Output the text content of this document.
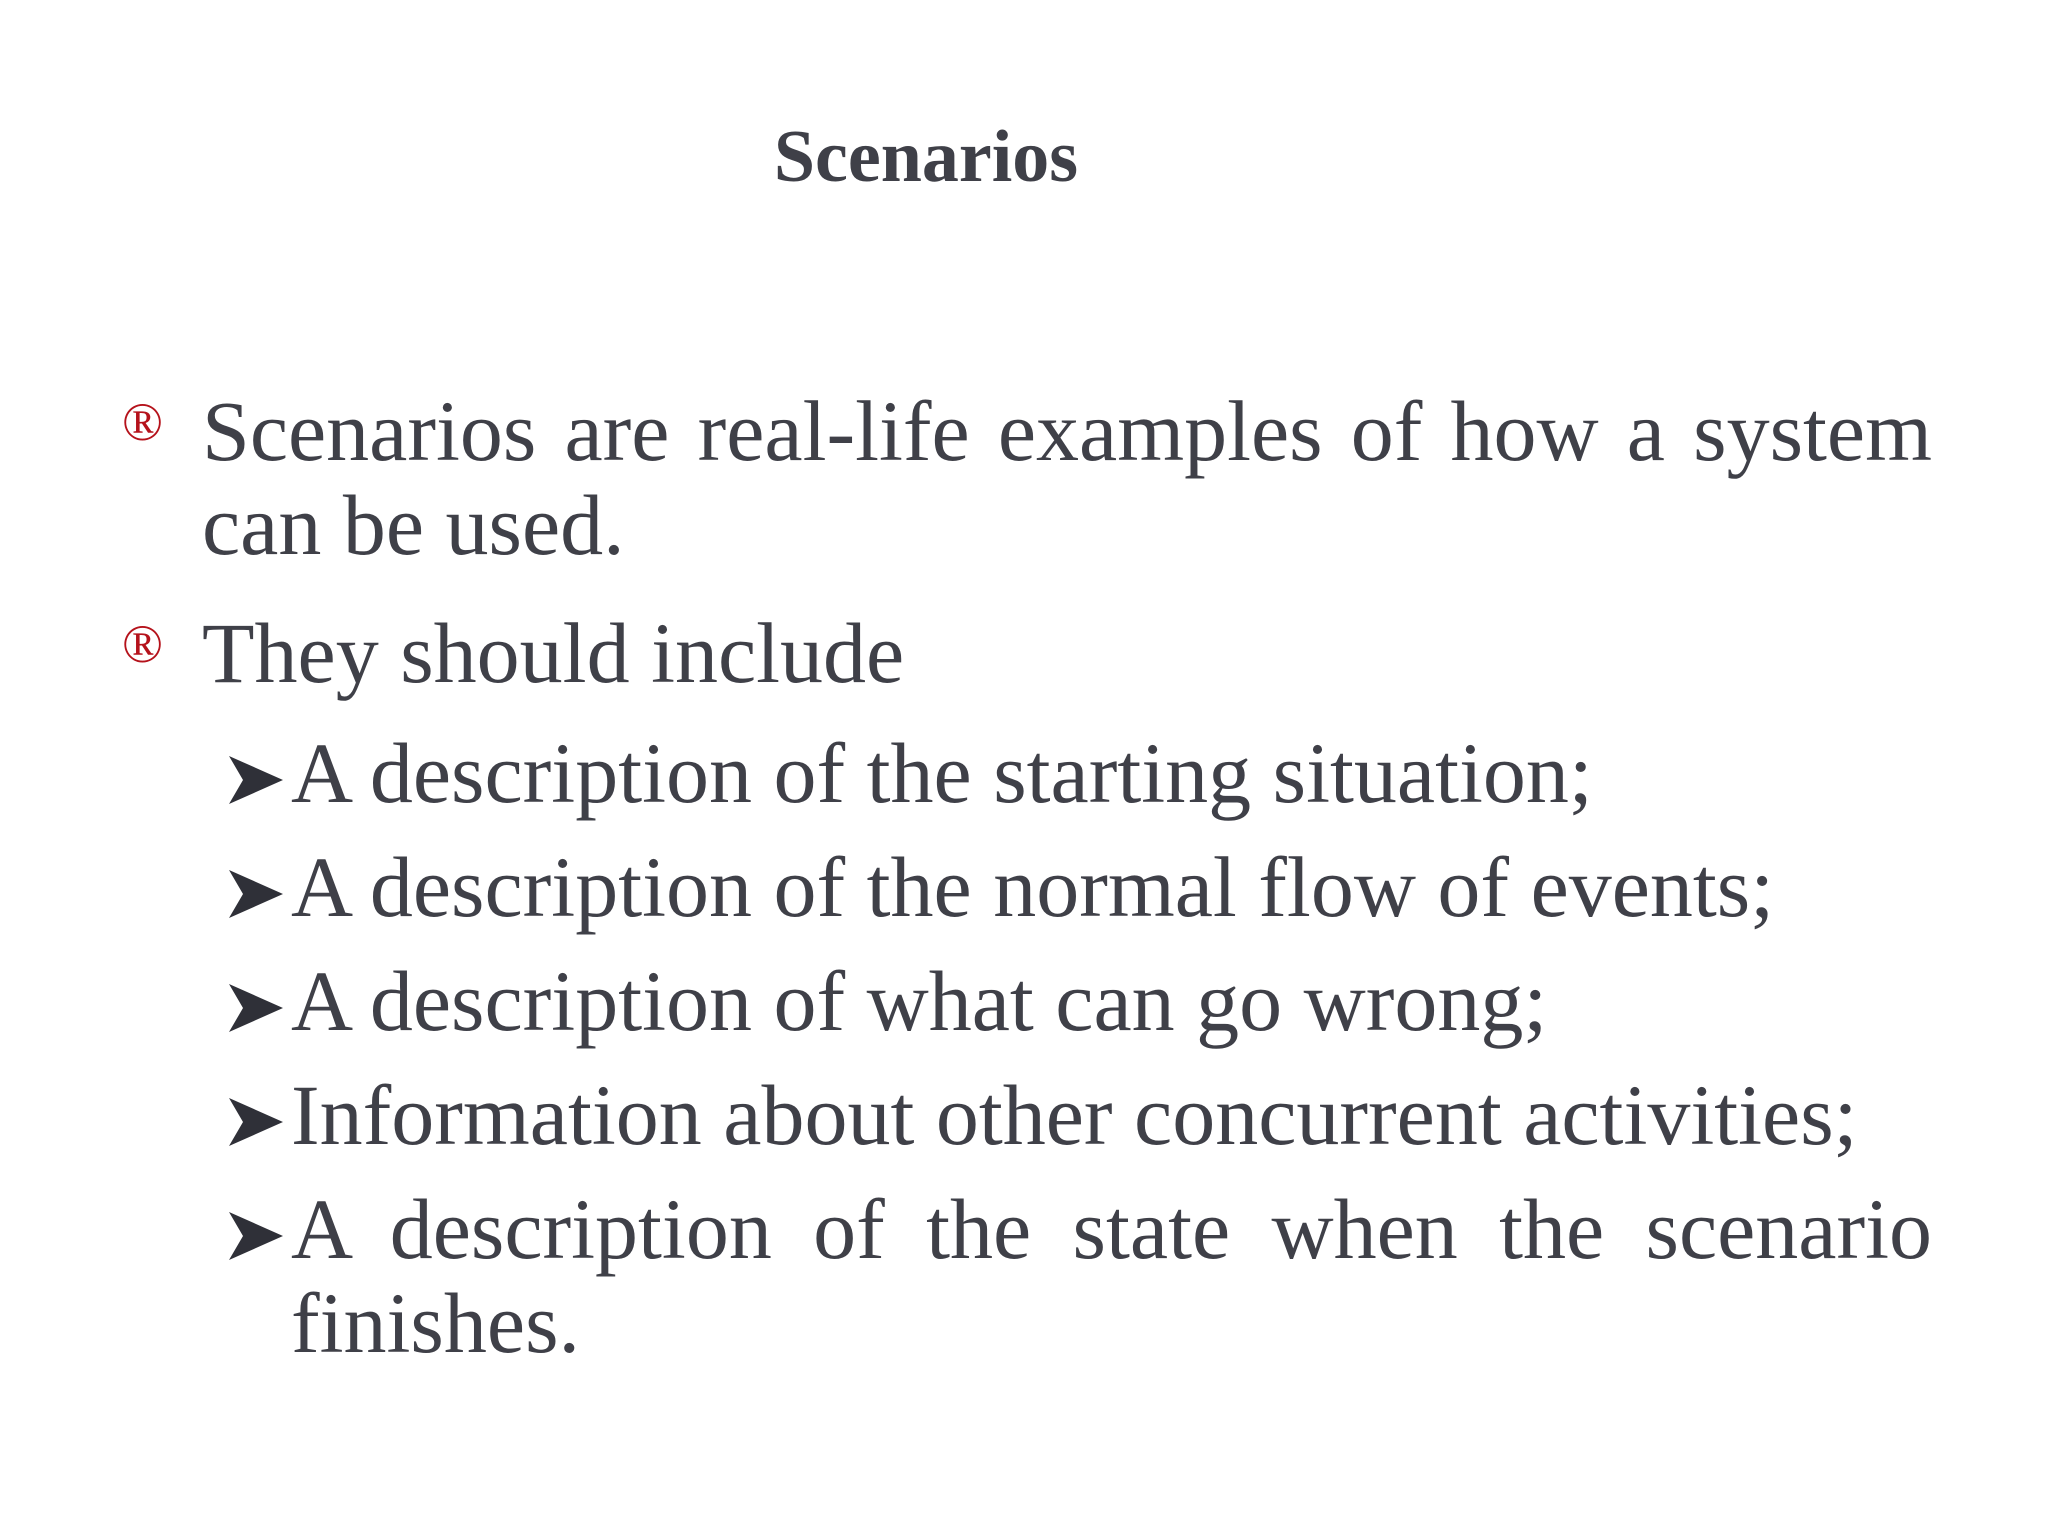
Scenarios
® Scenarios are real-life examples of how a system can be used.
® They should include
A description of the starting situation;
A description of the normal flow of events;
A description of what can go wrong;
Information about other concurrent activities;
A description of the state when the scenario finishes.
